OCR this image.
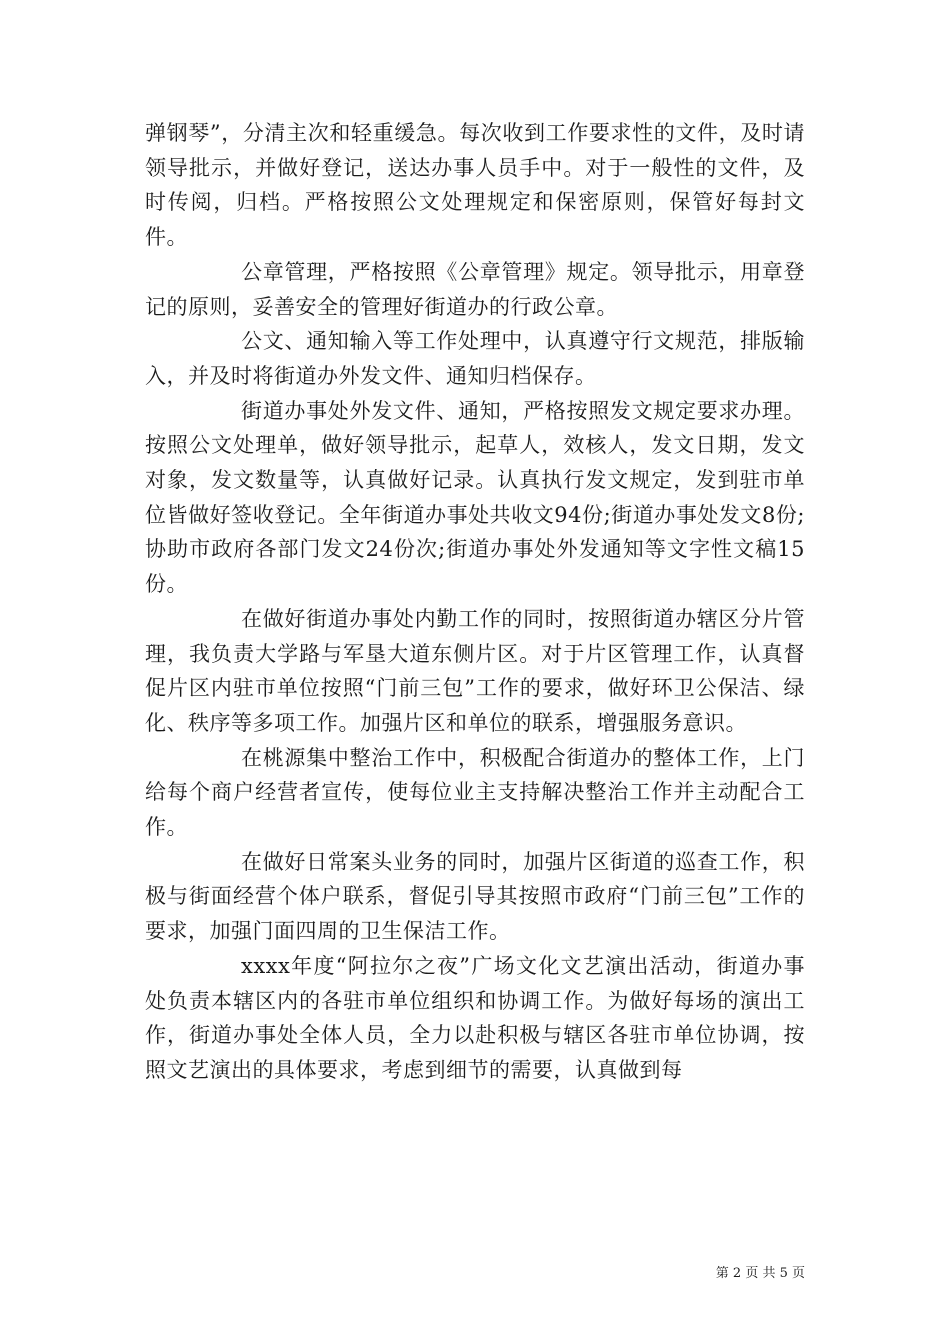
弹钢琴”，分清主次和轻重缓急。每次收到工作要求性的文件，及时请领导批示，并做好登记，送达办事人员手中。对于一般性的文件，及时传阅，归档。严格按照公文处理规定和保密原则，保管好每封文件。

公章管理，严格按照《公章管理》规定。领导批示，用章登记的原则，妥善安全的管理好街道办的行政公章。

公文、通知输入等工作处理中，认真遵守行文规范，排版输入，并及时将街道办外发文件、通知归档保存。

街道办事处外发文件、通知，严格按照发文规定要求办理。按照公文处理单，做好领导批示，起草人，效核人，发文日期，发文对象，发文数量等，认真做好记录。认真执行发文规定，发到驻市单位皆做好签收登记。全年街道办事处共收文94份;街道办事处发文8份;协助市政府各部门发文24份次;街道办事处外发通知等文字性文稿15份。

在做好街道办事处内勤工作的同时，按照街道办辖区分片管理，我负责大学路与军垦大道东侧片区。对于片区管理工作，认真督促片区内驻市单位按照“门前三包”工作的要求，做好环卫公保洁、绿化、秩序等多项工作。加强片区和单位的联系，增强服务意识。

在桃源集中整治工作中，积极配合街道办的整体工作，上门给每个商户经营者宣传，使每位业主支持解决整治工作并主动配合工作。

在做好日常案头业务的同时，加强片区街道的巡查工作，积极与街面经营个体户联系，督促引导其按照市政府“门前三包”工作的要求，加强门面四周的卫生保洁工作。

xxxx年度“阿拉尔之夜”广场文化文艺演出活动，街道办事处负责本辖区内的各驻市单位组织和协调工作。为做好每场的演出工作，街道办事处全体人员，全力以赴积极与辖区各驻市单位协调，按照文艺演出的具体要求，考虑到细节的需要，认真做到每

第 2 页 共 5 页
